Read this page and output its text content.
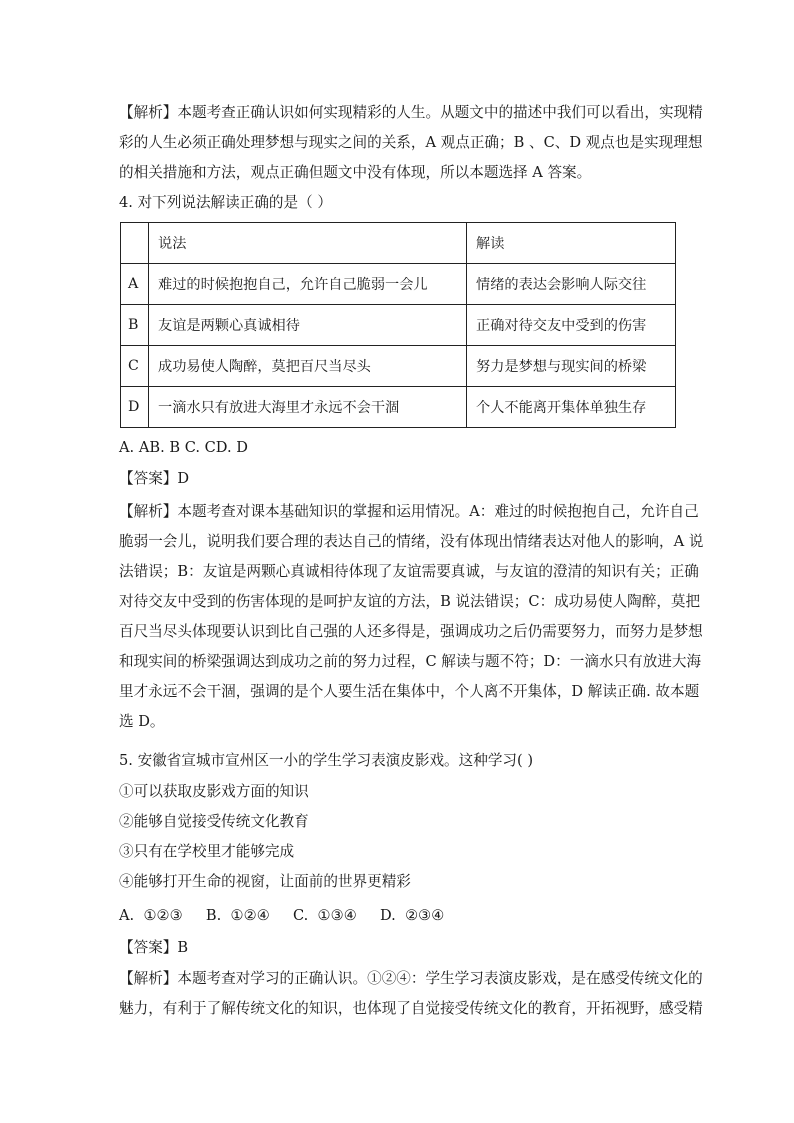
【解析】本题考查正确认识如何实现精彩的人生。从题文中的描述中我们可以看出，实现精
彩的人生必须正确处理梦想与现实之间的关系，A 观点正确；B 、C、D 观点也是实现理想
的相关措施和方法，观点正确但题文中没有体现，所以本题选择 A 答案。
4. 对下列说法解读正确的是（ ）
	说法	解读
A	难过的时候抱抱自己，允许自己脆弱一会儿	情绪的表达会影响人际交往
B	友谊是两颗心真诚相待	正确对待交友中受到的伤害
C	成功易使人陶醉，莫把百尺当尽头	努力是梦想与现实间的桥梁
D	一滴水只有放进大海里才永远不会干涸	个人不能离开集体单独生存
A. AB. B C. CD. D
【答案】D
【解析】本题考查对课本基础知识的掌握和运用情况。A：难过的时候抱抱自己，允许自己
脆弱一会儿，说明我们要合理的表达自己的情绪，没有体现出情绪表达对他人的影响，A 说
法错误；B：友谊是两颗心真诚相待体现了友谊需要真诚，与友谊的澄清的知识有关；正确
对待交友中受到的伤害体现的是呵护友谊的方法，B 说法错误；C：成功易使人陶醉，莫把
百尺当尽头体现要认识到比自己强的人还多得是，强调成功之后仍需要努力，而努力是梦想
和现实间的桥梁强调达到成功之前的努力过程，C 解读与题不符；D：一滴水只有放进大海
里才永远不会干涸，强调的是个人要生活在集体中，个人离不开集体，D 解读正确. 故本题
选 D。
5. 安徽省宣城市宣州区一小的学生学习表演皮影戏。这种学习( )
①可以获取皮影戏方面的知识
②能够自觉接受传统文化教育
③只有在学校里才能够完成
④能够打开生命的视窗，让面前的世界更精彩
A.  ①②③     B.  ①②④     C.  ①③④     D.  ②③④
【答案】B
【解析】本题考查对学习的正确认识。①②④：学生学习表演皮影戏，是在感受传统文化的
魅力，有利于了解传统文化的知识，也体现了自觉接受传统文化的教育，开拓视野，感受精
